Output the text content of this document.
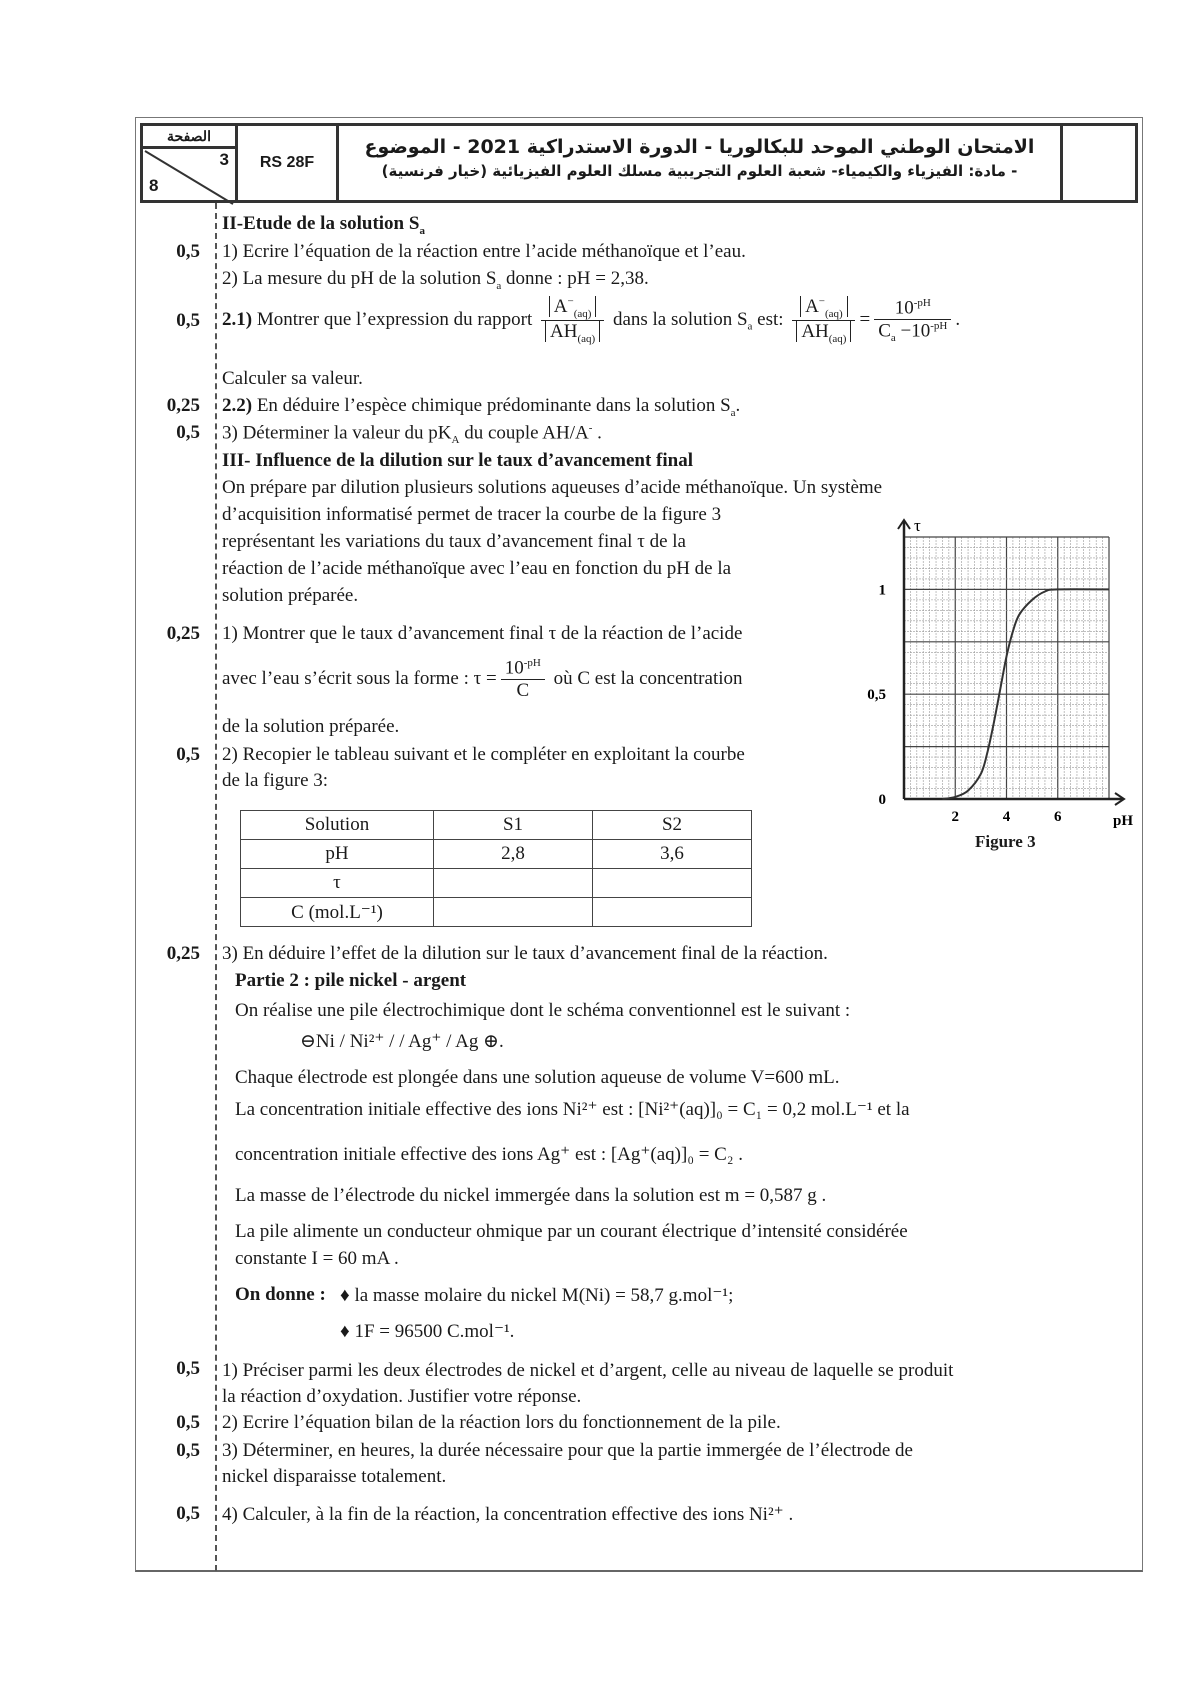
الصفحة
3
8
RS 28F
الامتحان الوطني الموحد للبكالوريا - الدورة الاستدراكية 2021 - الموضوع
- مادة: الفيزياء والكيمياء- شعبة العلوم التجريبية مسلك العلوم الفيزيائية (خيار فرنسية)
II-Etude de la solution $S_a$
0,5 1) Ecrire l’équation de la réaction entre l’acide méthanoïque et l’eau.
2) La mesure du pH de la solution $S_a$ donne : pH = 2,38.
0,5 2.1) Montrer que l’expression du rapport $\frac{A^-_{(aq)}}{AH_{(aq)}}$ dans la solution $S_a$ est: $\frac{A^-_{(aq)}}{AH_{(aq)}} = \frac{10^{-pH}}{C_a -10^{-pH}}$ .
Calculer sa valeur.
0,25 2.2) En déduire l’espèce chimique prédominante dans la solution $S_a$.
0,5 3) Déterminer la valeur du $pK_A$ du couple AH/A- .
III- Influence de la dilution sur le taux d’avancement final
On prépare par dilution plusieurs solutions aqueuses d’acide méthanoïque. Un système
d’acquisition informatisé permet de tracer la courbe de la figure 3
représentant les variations du taux d’avancement final τ de la
réaction de l’acide méthanoïque avec l’eau en fonction du pH de la
solution préparée.
0,25 1) Montrer que le taux d’avancement final τ de la réaction de l’acide
avec l’eau s’écrit sous la forme : $\tau = \frac{10^{-pH}}{C}$ où C est la concentration
de la solution préparée.
0,5 2) Recopier le tableau suivant et le compléter en exploitant la courbe
de la figure 3:
Solution	S1	S2
pH	2,8	3,6
τ		
C (mol.L⁻¹)		
0,25 3) En déduire l’effet de la dilution sur le taux d’avancement final de la réaction.
τ
pH
2	4	6
0
0,5
1
Figure 3
Partie 2 : pile nickel - argent
On réalise une pile électrochimique dont le schéma conventionnel est le suivant :
⊖Ni / Ni²⁺ / / Ag⁺ / Ag ⊕.
Chaque électrode est plongée dans une solution aqueuse de volume V=600 mL.
La concentration initiale effective des ions Ni²⁺ est : [Ni²⁺(aq)]₀ = C₁ = 0,2 mol.L⁻¹ et la
concentration initiale effective des ions Ag⁺ est : [Ag⁺(aq)]₀ = C₂ .
La masse de l’électrode du nickel immergée dans la solution est m = 0,587 g .
La pile alimente un conducteur ohmique par un courant électrique d’intensité considérée
constante I = 60 mA .
On donne : ♦ la masse molaire du nickel M(Ni) = 58,7 g.mol⁻¹;
♦ 1F = 96500 C.mol⁻¹.
0,5 1) Préciser parmi les deux électrodes de nickel et d’argent, celle au niveau de laquelle se produit
la réaction d’oxydation. Justifier votre réponse.
0,5 2) Ecrire l’équation bilan de la réaction lors du fonctionnement de la pile.
0,5 3) Déterminer, en heures, la durée nécessaire pour que la partie immergée de l’électrode de
nickel disparaisse totalement.
0,5 4) Calculer, à la fin de la réaction, la concentration effective des ions Ni²⁺ .
